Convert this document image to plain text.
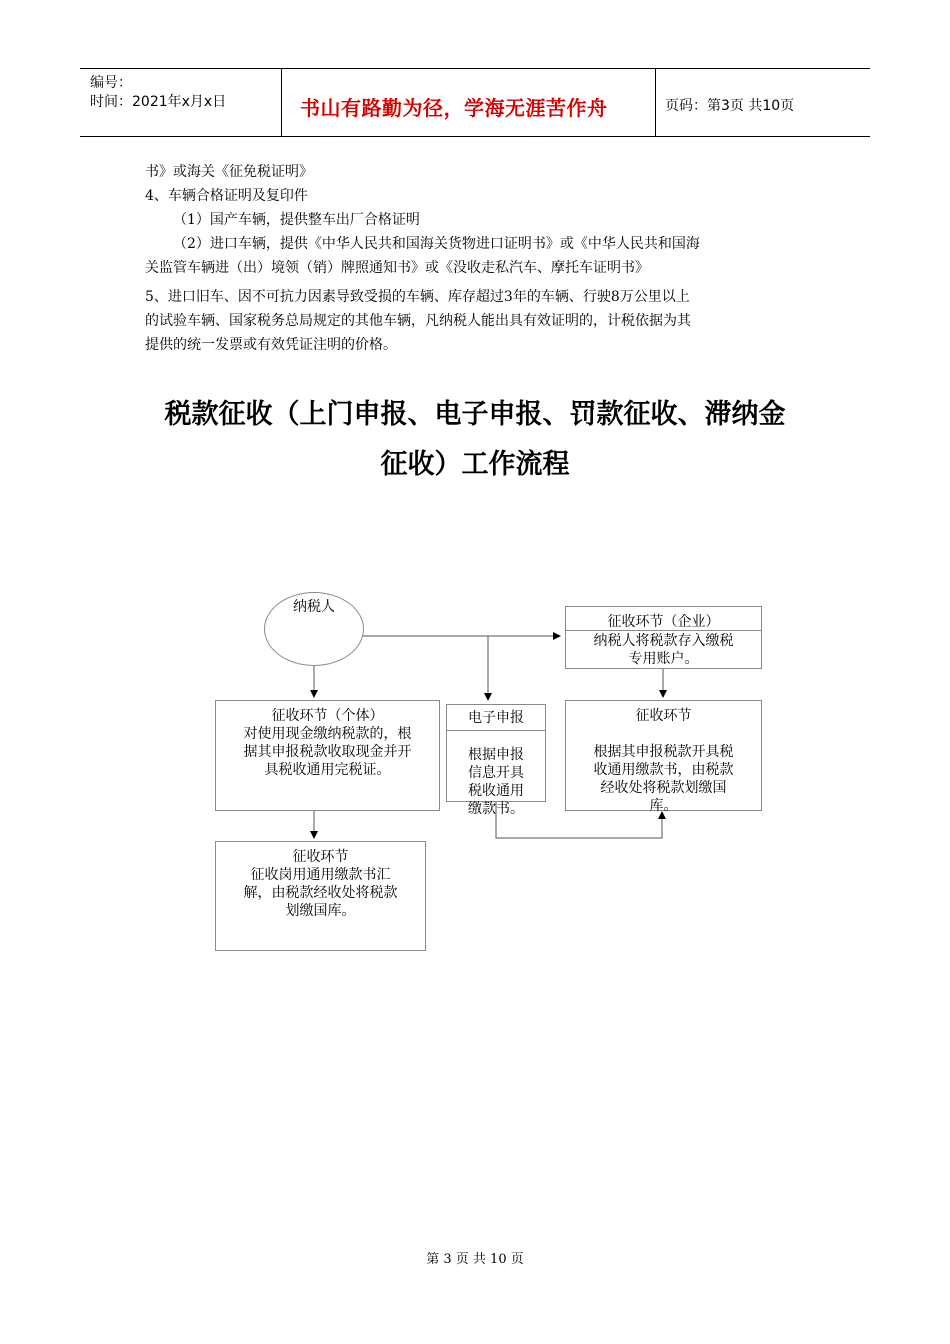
编号：
时间：2021年x月x日	书山有路勤为径，学海无涯苦作舟	页码：第3页 共10页
书》或海关《征免税证明》
4、车辆合格证明及复印件
（1）国产车辆，提供整车出厂合格证明
（2）进口车辆，提供《中华人民共和国海关货物进口证明书》或《中华人民共和国海
关监管车辆进（出）境领（销）牌照通知书》或《没收走私汽车、摩托车证明书》
5、进口旧车、因不可抗力因素导致受损的车辆、库存超过3年的车辆、行驶8万公里以上
的试验车辆、国家税务总局规定的其他车辆，凡纳税人能出具有效证明的，计税依据为其
提供的统一发票或有效凭证注明的价格。
税款征收（上门申报、电子申报、罚款征收、滞纳金
征收）工作流程
纳税人
征收环节（企业）
纳税人将税款存入缴税
专用账户。
征收环节（个体）
对使用现金缴纳税款的，根
据其申报税款收取现金并开
具税收通用完税证。
电子申报
根据申报
信息开具
税收通用
缴款书。
征收环节
根据其申报税款开具税
收通用缴款书，由税款
经收处将税款划缴国
库。
征收环节
征收岗用通用缴款书汇
解，由税款经收处将税款
划缴国库。
第 3 页 共 10 页
